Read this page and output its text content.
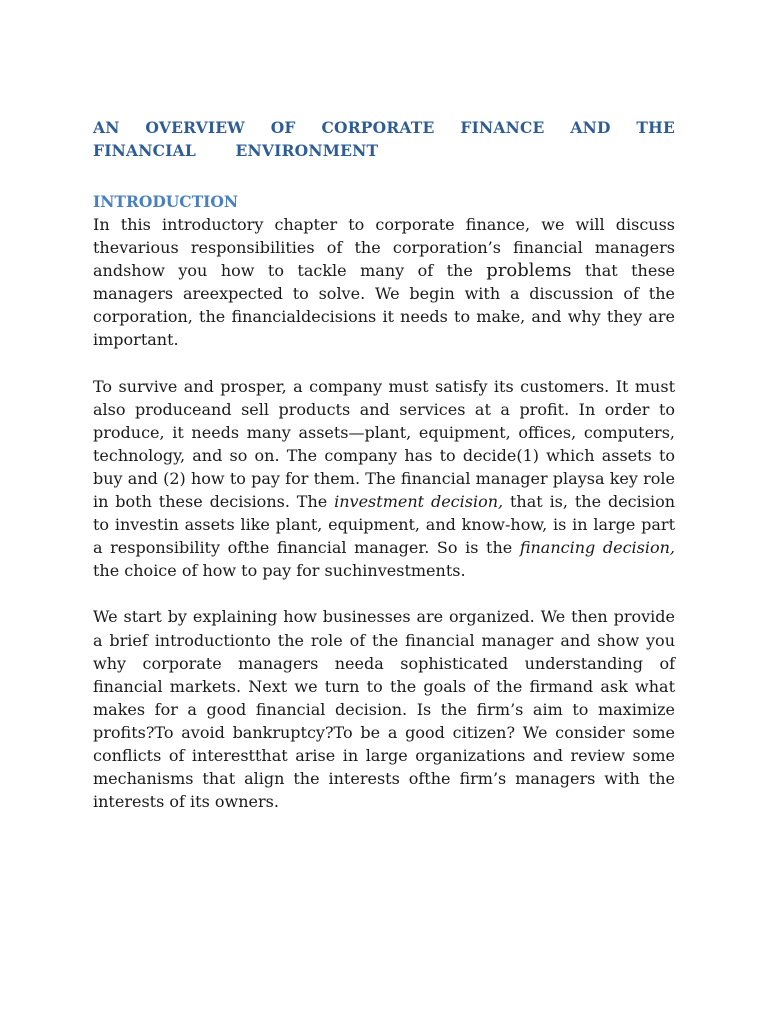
AN OVERVIEW OF CORPORATE FINANCE AND THE
FINANCIAL ENVIRONMENT
INTRODUCTION

In this introductory chapter to corporate finance, we will discuss thevarious responsibilities of the corporation’s financial managers andshow you how to tackle many of the problems that these managers areexpected to solve. We begin with a discussion of the corporation, the financialdecisions it needs to make, and why they are important.

To survive and prosper, a company must satisfy its customers. It must also produceand sell products and services at a profit. In order to produce, it needs many assets—plant, equipment, offices, computers, technology, and so on. The company has to decide(1) which assets to buy and (2) how to pay for them. The financial manager playsa key role in both these decisions. The investment decision, that is, the decision to investin assets like plant, equipment, and know-how, is in large part a responsibility ofthe financial manager. So is the financing decision, the choice of how to pay for suchinvestments.

We start by explaining how businesses are organized. We then provide a brief introductionto the role of the financial manager and show you why corporate managers needa sophisticated understanding of financial markets. Next we turn to the goals of the firmand ask what makes for a good financial decision. Is the firm’s aim to maximize profits?To avoid bankruptcy?To be a good citizen? We consider some conflicts of interestthat arise in large organizations and review some mechanisms that align the interests ofthe firm’s managers with the interests of its owners.
